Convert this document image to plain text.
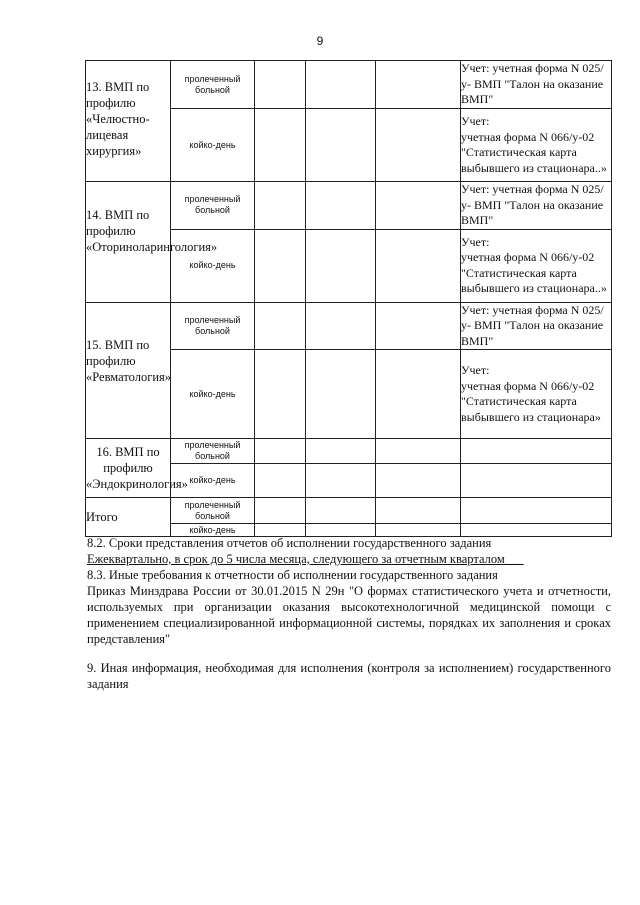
9
13. ВМП по профилю «Челюстно-лицевая хирургия»	пролеченный больной				Учет: учетная форма N 025/у- ВМП "Талон на оказание ВМП"
	койко-день				Учет:
учетная форма N 066/у-02 "Статистическая карта выбывшего из стационара..»
14. ВМП по профилю «Оториноларингология»	пролеченный больной				Учет: учетная форма N 025/у- ВМП "Талон на оказание ВМП"
	койко-день				Учет:
учетная форма N 066/у-02 "Статистическая карта выбывшего из стационара..»
15. ВМП по профилю «Ревматология»	пролеченный больной				Учет: учетная форма N 025/у- ВМП "Талон на оказание ВМП"
	койко-день				Учет:
учетная форма N 066/у-02 "Статистическая карта выбывшего из стационара»
16. ВМП по профилю «Эндокринология»	пролеченный больной				
	койко-день				
Итого	пролеченный больной				
	койко-день				
8.2. Сроки представления отчетов об исполнении государственного задания
Ежеквартально, в срок до 5 числа месяца, следующего за отчетным кварталом___
8.3. Иные требования к отчетности об исполнении государственного задания
Приказ Минздрава России от 30.01.2015 N 29н "О формах статистического учета и отчетности, используемых при организации оказания высокотехнологичной медицинской помощи с применением специализированной информационной системы, порядках их заполнения и сроках представления"
9. Иная информация, необходимая для исполнения (контроля за исполнением) государственного задания
